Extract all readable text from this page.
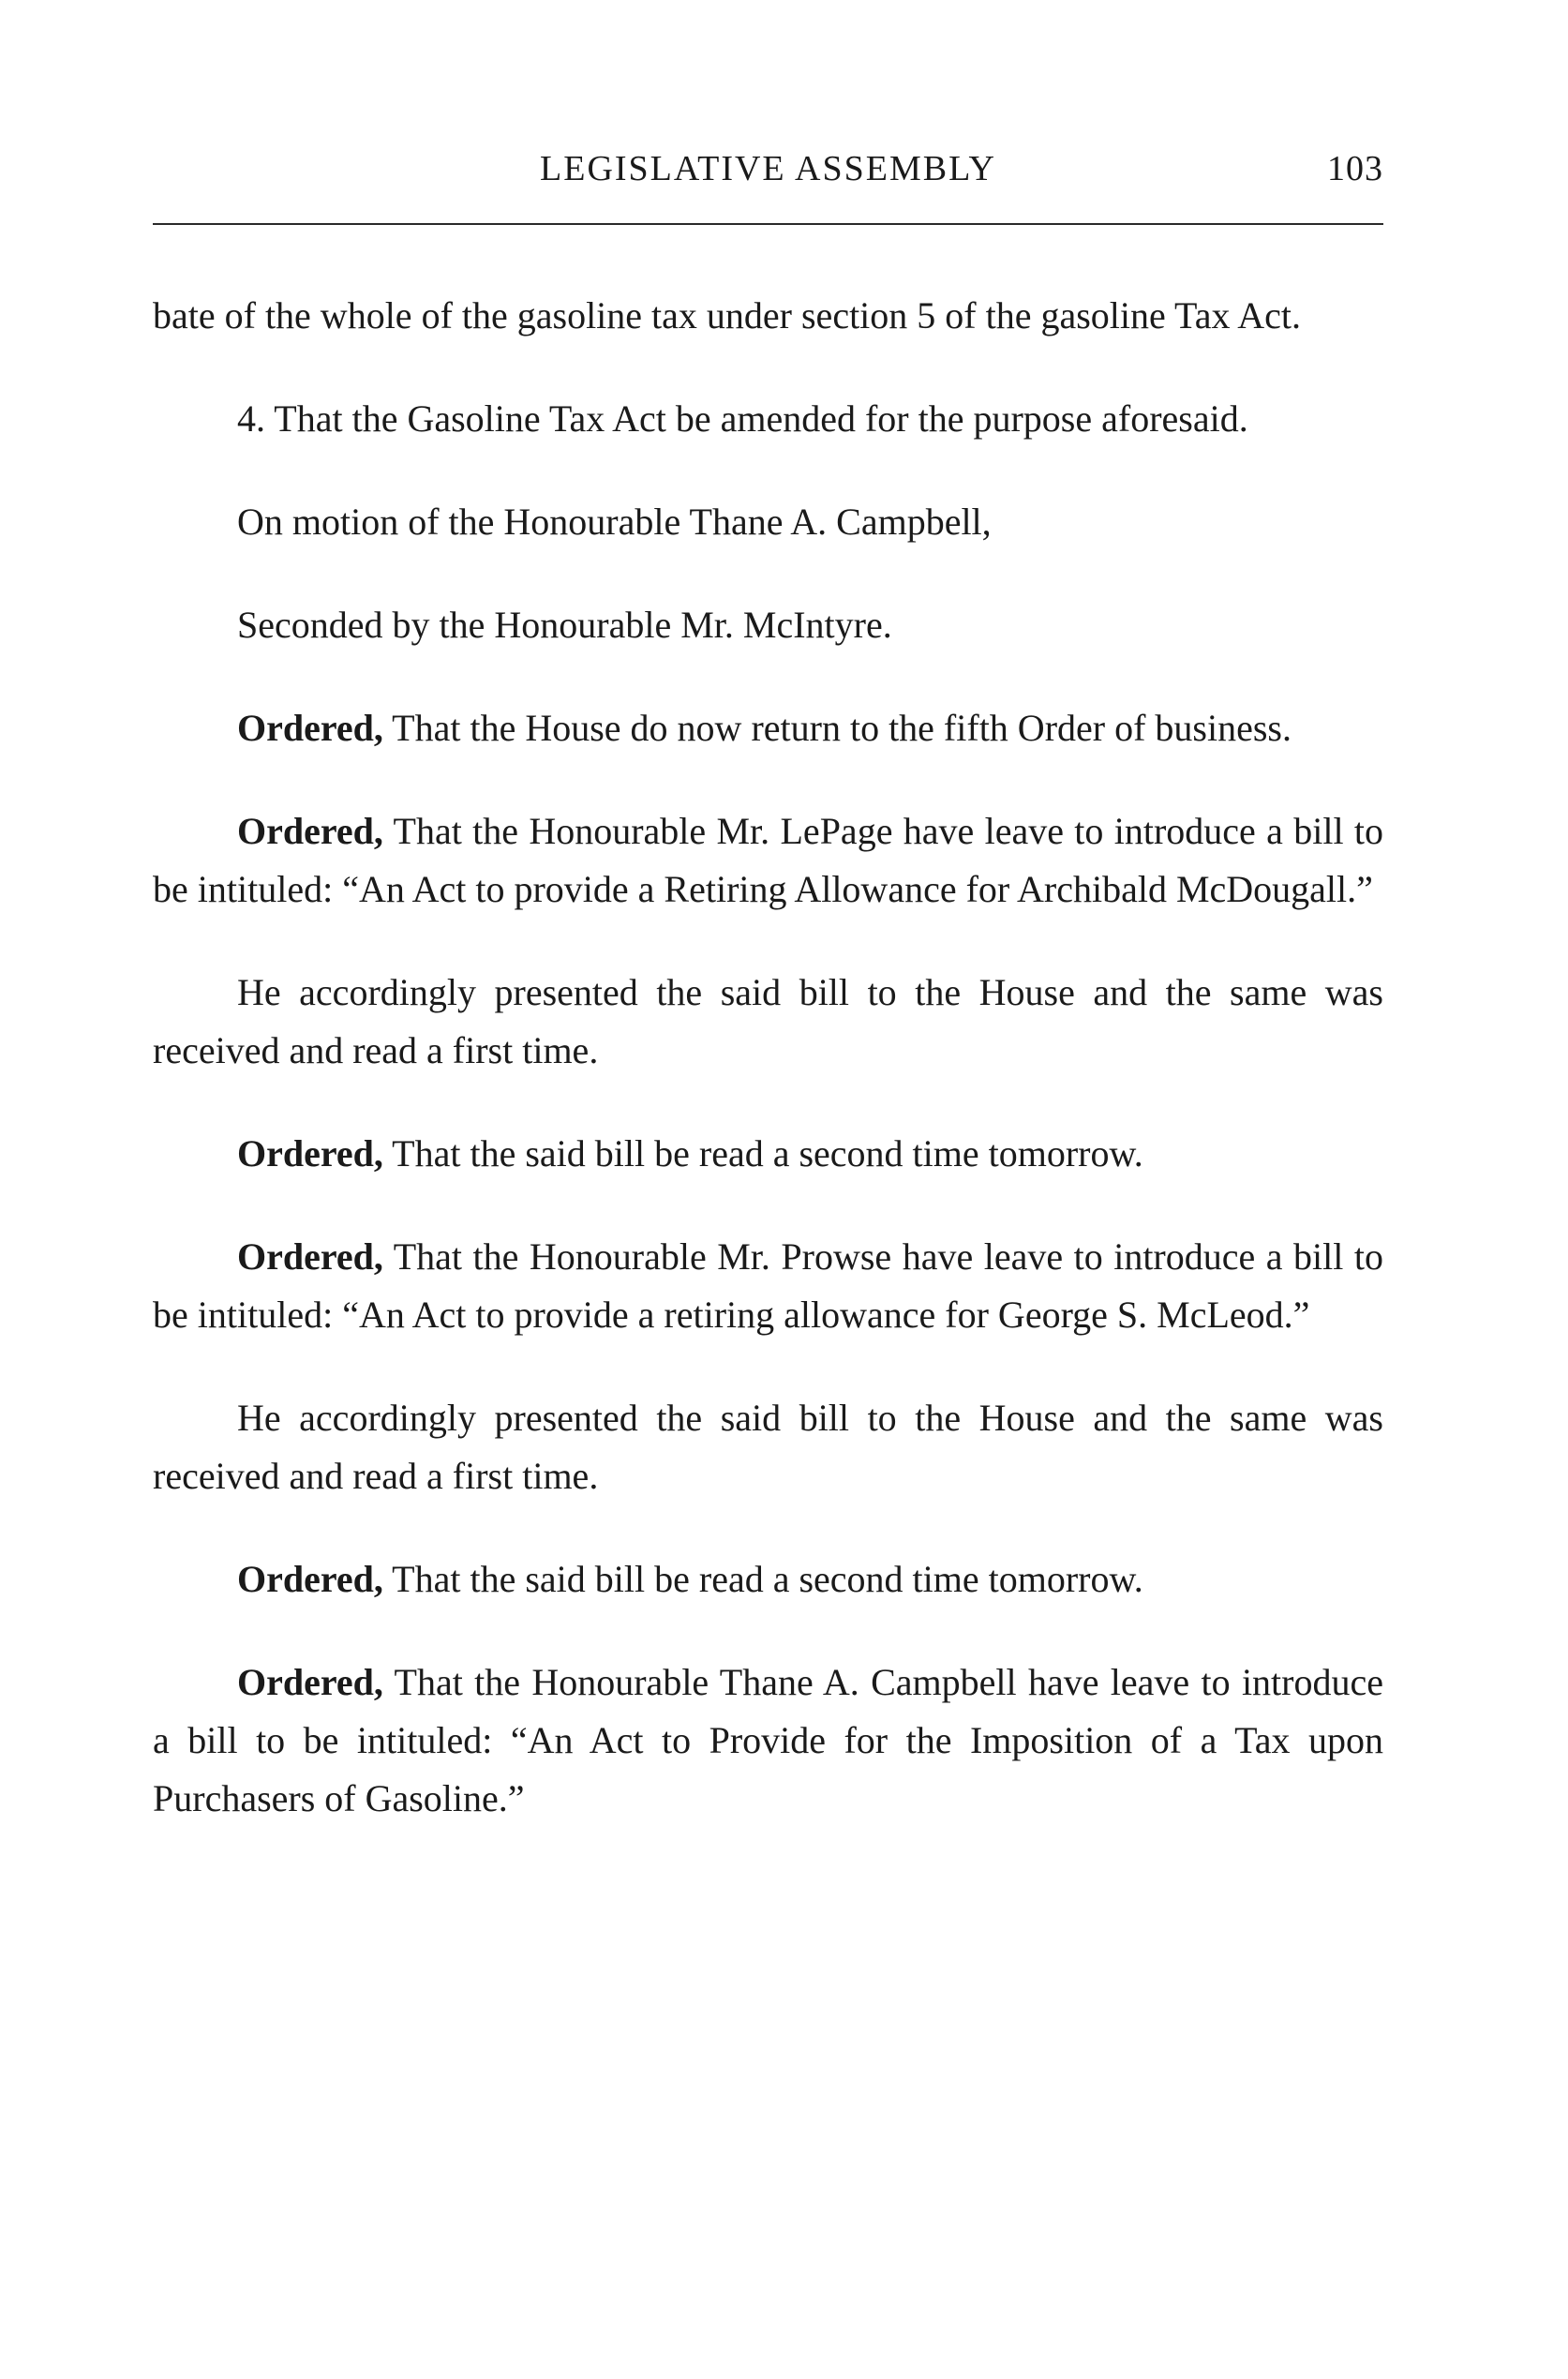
LEGISLATIVE ASSEMBLY	103

bate of the whole of the gasoline tax under section 5 of the gasoline Tax Act.

4. That the Gasoline Tax Act be amended for the purpose aforesaid.

On motion of the Honourable Thane A. Campbell,

Seconded by the Honourable Mr. McIntyre.

Ordered, That the House do now return to the fifth Order of business.

Ordered, That the Honourable Mr. LePage have leave to introduce a bill to be intituled: “An Act to provide a Retiring Allowance for Archibald McDougall.”

He accordingly presented the said bill to the House and the same was received and read a first time.

Ordered, That the said bill be read a second time tomorrow.

Ordered, That the Honourable Mr. Prowse have leave to introduce a bill to be intituled: “An Act to provide a retiring allowance for George S. McLeod.”

He accordingly presented the said bill to the House and the same was received and read a first time.

Ordered, That the said bill be read a second time tomorrow.

Ordered, That the Honourable Thane A. Campbell have leave to introduce a bill to be intituled: “An Act to Provide for the Imposition of a Tax upon Purchasers of Gasoline.”
